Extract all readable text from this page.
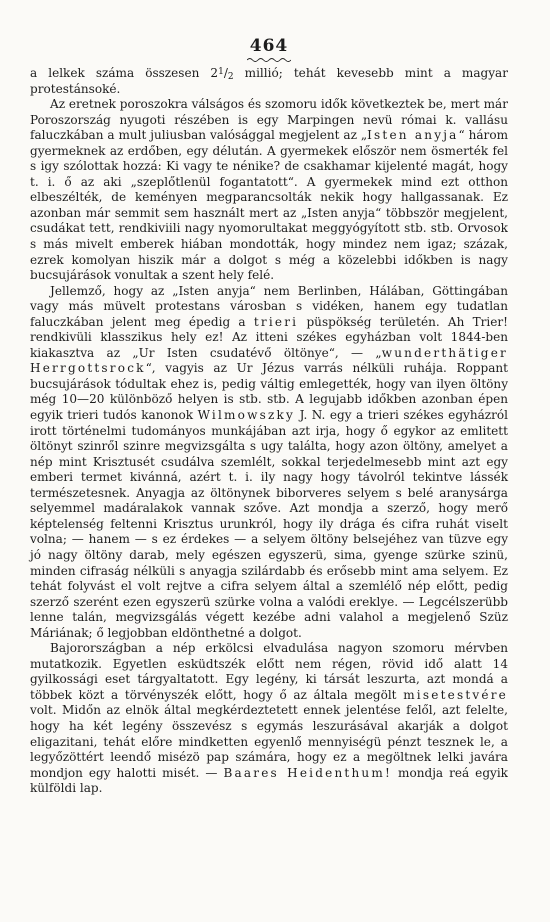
464

a lelkek száma összesen $2^1/2$ millió; tehát kevesebb mint a magyar protestánsoké.

Az eretnek poroszokra válságos és szomoru idők következtek be, mert már Poroszország nyugoti részében is egy Marpingen nevü római k. vallásu faluczkában a mult juliusban valósággal megjelent az „Isten anyja“ három gyermeknek az erdőben, egy délután. A gyermekek először nem ösmerték fel s igy szólottak hozzá: Ki vagy te nénike? de csakhamar kijelenté magát, hogy t. i. ő az aki „szeplőtlenül fogantatott“. A gyermekek mind ezt otthon elbeszélték, de keményen megparancsolták nekik hogy hallgassanak. Ez azonban már semmit sem használt mert az „Isten anyja“ többször megjelent, csudákat tett, rendkiviili nagy nyomorultakat meggyógyított stb. stb. Orvosok s más mivelt emberek hiában mondották, hogy mindez nem igaz; százak, ezrek komolyan hiszik már a dolgot s még a közelebbi időkben is nagy bucsujárások vonultak a szent hely felé.

Jellemző, hogy az „Isten anyja“ nem Berlinben, Hálában, Göttingában vagy más müvelt protestans városban s vidéken, hanem egy tudatlan faluczkában jelent meg épedig a trieri püspökség területén. Ah Trier! rendkivüli klasszikus hely ez! Az itteni székes egyházban volt 1844-ben kiakasztva az „Ur Isten csudatévő öltönye“, — „wunderthätiger Herrgottsrock“, vagyis az Ur Jézus varrás nélküli ruhája. Roppant bucsujárások tódultak ehez is, pedig váltig emlegették, hogy van ilyen öltöny még 10—20 különböző helyen is stb. stb. A legujabb időkben azonban épen egyik trieri tudós kanonok Wilmowszky J. N. egy a trieri székes egyházról irott történelmi tudományos munkájában azt irja, hogy ő egykor az emlitett öltönyt szinről szinre megvizsgálta s ugy találta, hogy azon öltöny, amelyet a nép mint Krisztusét csudálva szemlélt, sokkal terjedelmesebb mint azt egy emberi termet kivánná, azért t. i. ily nagy hogy távolról tekintve lássék természetesnek. Anyagja az öltönynek biborveres selyem s belé aranysárga selyemmel madáralakok vannak szőve. Azt mondja a szerző, hogy merő képtelenség feltenni Krisztus urunkról, hogy ily drága és cifra ruhát viselt volna; — hanem — s ez érdekes — a selyem öltöny belsejéhez van tüzve egy jó nagy öltöny darab, mely egészen egyszerü, sima, gyenge szürke szinü, minden cifraság nélküli s anyagja szilárdabb és erősebb mint ama selyem. Ez tehát folyvást el volt rejtve a cifra selyem által a szemlélő nép előtt, pedig szerző szerént ezen egyszerü szürke volna a valódi ereklye. — Legcélszerübb lenne talán, megvizsgálás végett kezébe adni valahol a megjelenő Szüz Máriának; ő legjobban eldönthetné a dolgot.

Bajorországban a nép erkölcsi elvadulása nagyon szomoru mérvben mutatkozik. Egyetlen esküdtszék előtt nem régen, rövid idő alatt 14 gyilkossági eset tárgyaltatott. Egy legény, ki társát leszurta, azt mondá a többek közt a törvényszék előtt, hogy ő az általa megölt misetestvére volt. Midőn az elnök által megkérdeztetett ennek jelentése felől, azt felelte, hogy ha két legény összevész s egymás leszurásával akarják a dolgot eligazitani, tehát előre mindketten egyenlő mennyiségü pénzt tesznek le, a legyőzöttért leendő misézö pap számára, hogy ez a megöltnek lelki javára mondjon egy halotti misét. — Baares Heidenthum! mondja reá egyik külföldi lap.
